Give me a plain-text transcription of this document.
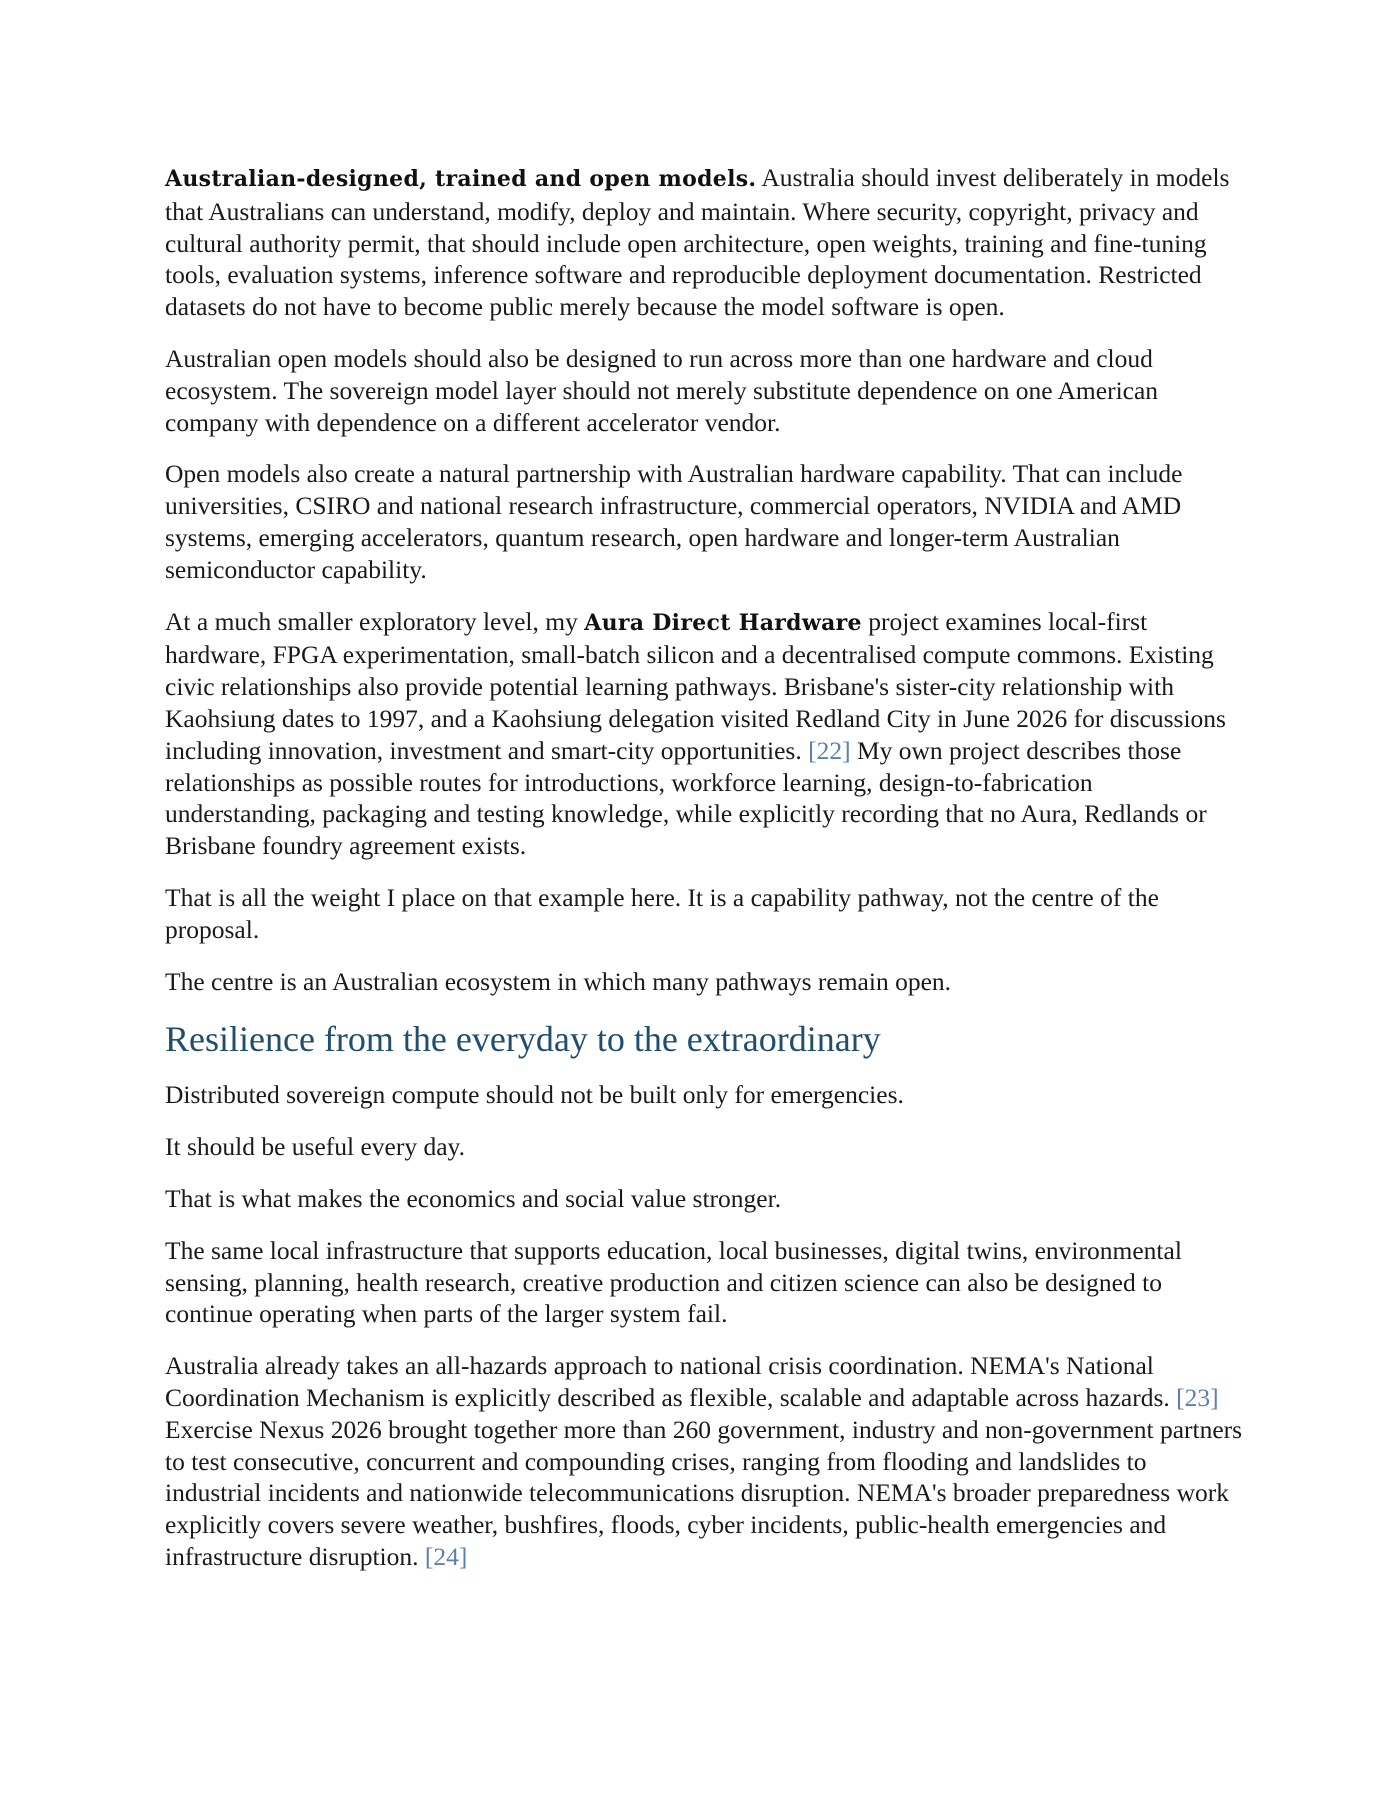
Australian-designed, trained and open models. Australia should invest deliberately in models that Australians can understand, modify, deploy and maintain. Where security, copyright, privacy and cultural authority permit, that should include open architecture, open weights, training and fine-tuning tools, evaluation systems, inference software and reproducible deployment documentation. Restricted datasets do not have to become public merely because the model software is open.

Australian open models should also be designed to run across more than one hardware and cloud ecosystem. The sovereign model layer should not merely substitute dependence on one American company with dependence on a different accelerator vendor.

Open models also create a natural partnership with Australian hardware capability. That can include universities, CSIRO and national research infrastructure, commercial operators, NVIDIA and AMD systems, emerging accelerators, quantum research, open hardware and longer-term Australian semiconductor capability.

At a much smaller exploratory level, my Aura Direct Hardware project examines local-first hardware, FPGA experimentation, small-batch silicon and a decentralised compute commons. Existing civic relationships also provide potential learning pathways. Brisbane's sister-city relationship with Kaohsiung dates to 1997, and a Kaohsiung delegation visited Redland City in June 2026 for discussions including innovation, investment and smart-city opportunities. [22] My own project describes those relationships as possible routes for introductions, workforce learning, design-to-fabrication understanding, packaging and testing knowledge, while explicitly recording that no Aura, Redlands or Brisbane foundry agreement exists.

That is all the weight I place on that example here. It is a capability pathway, not the centre of the proposal.

The centre is an Australian ecosystem in which many pathways remain open.

Resilience from the everyday to the extraordinary

Distributed sovereign compute should not be built only for emergencies.

It should be useful every day.

That is what makes the economics and social value stronger.

The same local infrastructure that supports education, local businesses, digital twins, environmental sensing, planning, health research, creative production and citizen science can also be designed to continue operating when parts of the larger system fail.

Australia already takes an all-hazards approach to national crisis coordination. NEMA's National Coordination Mechanism is explicitly described as flexible, scalable and adaptable across hazards. [23] Exercise Nexus 2026 brought together more than 260 government, industry and non-government partners to test consecutive, concurrent and compounding crises, ranging from flooding and landslides to industrial incidents and nationwide telecommunications disruption. NEMA's broader preparedness work explicitly covers severe weather, bushfires, floods, cyber incidents, public-health emergencies and infrastructure disruption. [24]
